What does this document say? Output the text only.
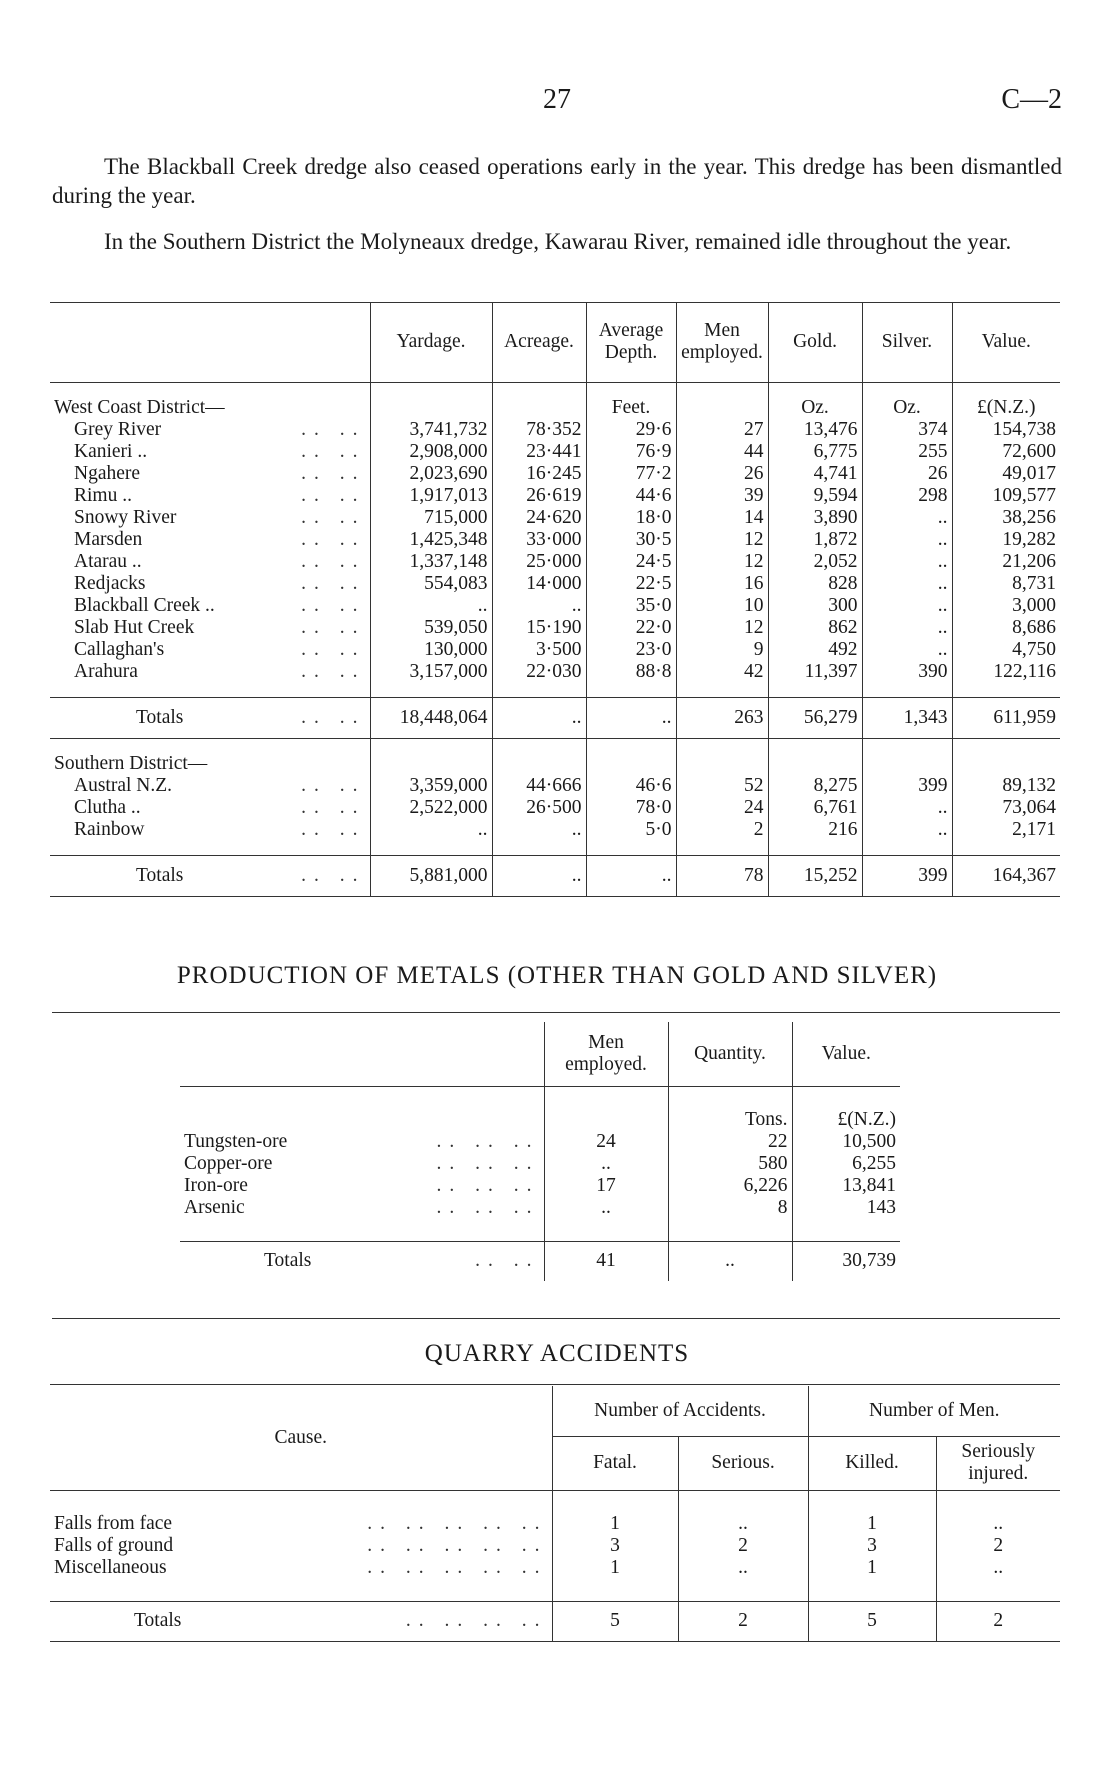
27	C—2
The Blackball Creek dredge also ceased operations early in the year. This dredge has been dismantled during the year.
In the Southern District the Molyneaux dredge, Kawarau River, remained idle throughout the year.
	Yardage.	Acreage.	Average Depth.	Men employed.	Gold.	Silver.	Value.

West Coast District—			Feet.		Oz.	Oz.	£(N.Z.)
Grey River .. ..	3,741,732	78·352	29·6	27	13,476	374	154,738
Kanieri .. .. ..	2,908,000	23·441	76·9	44	6,775	255	72,600
Ngahere .. ..	2,023,690	16·245	77·2	26	4,741	26	49,017
Rimu .. .. ..	1,917,013	26·619	44·6	39	9,594	298	109,577
Snowy River .. ..	715,000	24·620	18·0	14	3,890	..	38,256
Marsden .. ..	1,425,348	33·000	30·5	12	1,872	..	19,282
Atarau .. .. ..	1,337,148	25·000	24·5	12	2,052	..	21,206
Redjacks .. ..	554,083	14·000	22·5	16	828	..	8,731
Blackball Creek .. .. ..	..	..	35·0	10	300	..	3,000
Slab Hut Creek .. ..	539,050	15·190	22·0	12	862	..	8,686
Callaghan's .. ..	130,000	3·500	23·0	9	492	..	4,750
Arahura .. ..	3,157,000	22·030	88·8	42	11,397	390	122,116

Totals .. ..	18,448,064	..	..	263	56,279	1,343	611,959

Southern District—							
Austral N.Z. .. ..	3,359,000	44·666	46·6	52	8,275	399	89,132
Clutha .. .. ..	2,522,000	26·500	78·0	24	6,761	..	73,064
Rainbow .. ..	..	..	5·0	2	216	..	2,171

Totals .. ..	5,881,000	..	..	78	15,252	399	164,367
PRODUCTION OF METALS (OTHER THAN GOLD AND SILVER)
	Men employed.	Quantity.	Value.

		Tons.	£(N.Z.)
Tungsten-ore .. .. ..	24	22	10,500
Copper-ore .. .. ..	..	580	6,255
Iron-ore .. .. ..	17	6,226	13,841
Arsenic .. .. ..	..	8	143

Totals .. ..	41	..	30,739
QUARRY ACCIDENTS
Cause.	Number of Accidents.		Number of Men.	
	Fatal.	Serious.	Killed.	Seriously injured.

Falls from face .. .. .. .. ..	1	..	1	..
Falls of ground .. .. .. .. ..	3	2	3	2
Miscellaneous .. .. .. .. ..	1	..	1	..

Totals .. .. .. ..	5	2	5	2
